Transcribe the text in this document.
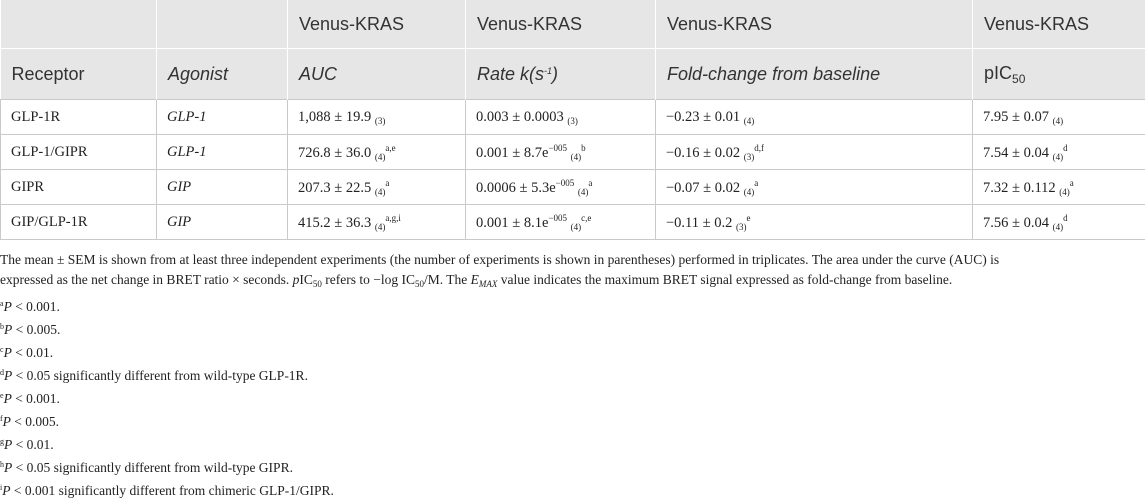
		Venus-KRAS	Venus-KRAS	Venus-KRAS	Venus-KRAS
Receptor	Agonist	AUC	Rate $k(s^{-1})$	Fold-change from baseline	pIC$_{50}$
GLP-1R	GLP-1	1,088 ± 19.9 $_{(3)}$	0.003 ± 0.0003 $_{(3)}$	−0.23 ± 0.01 $_{(4)}$	7.95 ± 0.07 $_{(4)}$
GLP-1/GIPR	GLP-1	726.8 ± 36.0 $_{(4)}^{a,e}$	$0.001 \pm 8.7e^{-005}$ $_{(4)}^b$	−0.16 ± 0.02 $_{(3)}^{d,f}$	7.54 ± 0.04 $_{(4)}^d$
GIPR	GIP	207.3 ± 22.5 $_{(4)}^a$	$0.0006 \pm 5.3e^{-005}$ $_{(4)}^a$	−0.07 ± 0.02 $_{(4)}^a$	7.32 ± 0.112 $_{(4)}^a$
GIP/GLP-1R	GIP	415.2 ± 36.3 $_{(4)}^{a,g,i}$	$0.001 \pm 8.1e^{-005}$ $_{(4)}^{c,e}$	−0.11 ± 0.2 $_{(3)}^e$	7.56 ± 0.04 $_{(4)}^d$

The mean ± SEM is shown from at least three independent experiments (the number of experiments is shown in parentheses) performed in triplicates. The area under the curve (AUC) is

expressed as the net change in BRET ratio × seconds. pIC$_{50}$ refers to −log $IC_{50}/M$. The $E_{MAX}$ value indicates the maximum BRET signal expressed as fold-change from baseline.

$^a$P < 0.001.

$^b$P < 0.005.

$^c$P < 0.01.

$^d$P < 0.05 significantly different from wild-type GLP-1R.

$^e$P < 0.001.

$^f$P < 0.005.

$^g$P < 0.01.

$^h$P < 0.05 significantly different from wild-type GIPR.

$^i$P < 0.001 significantly different from chimeric GLP-1/GIPR.
